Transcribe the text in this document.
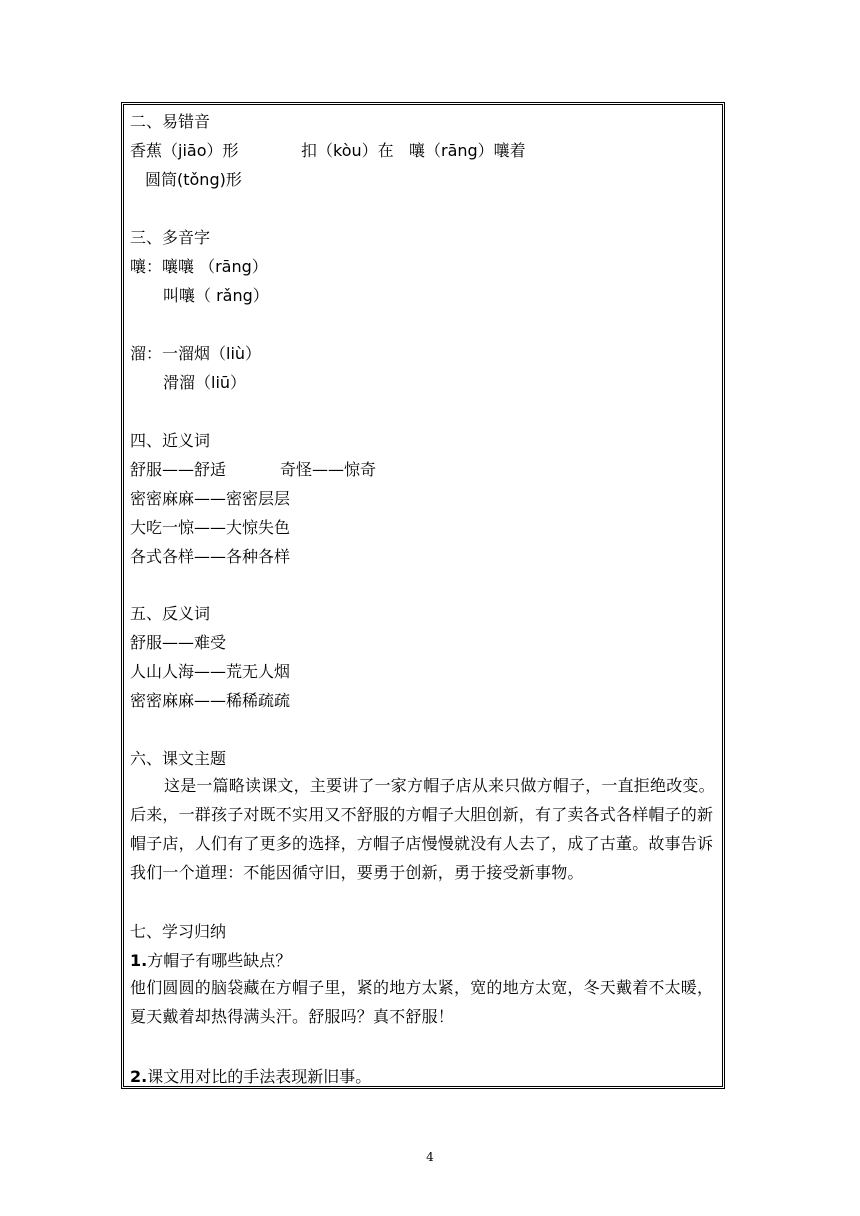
二、易错音
香蕉（jiāo）形	扣（kòu）在 嚷（rāng）嚷着
圆筒(tǒng)形
三、多音字
嚷：嚷嚷 （rāng）
叫嚷（ rǎng）
溜：一溜烟（liù）
滑溜（liū）
四、近义词
舒服——舒适	奇怪——惊奇
密密麻麻——密密层层
大吃一惊——大惊失色
各式各样——各种各样
五、反义词
舒服——难受
人山人海——荒无人烟
密密麻麻——稀稀疏疏
六、课文主题

这是一篇略读课文，主要讲了一家方帽子店从来只做方帽子，一直拒绝改变。后来，一群孩子对既不实用又不舒服的方帽子大胆创新，有了卖各式各样帽子的新帽子店，人们有了更多的选择，方帽子店慢慢就没有人去了，成了古董。故事告诉我们一个道理：不能因循守旧，要勇于创新，勇于接受新事物。

七、学习归纳
1.方帽子有哪些缺点？

他们圆圆的脑袋藏在方帽子里，紧的地方太紧，宽的地方太宽，冬天戴着不太暖，夏天戴着却热得满头汗。舒服吗？真不舒服！

2.课文用对比的手法表现新旧事。
4
